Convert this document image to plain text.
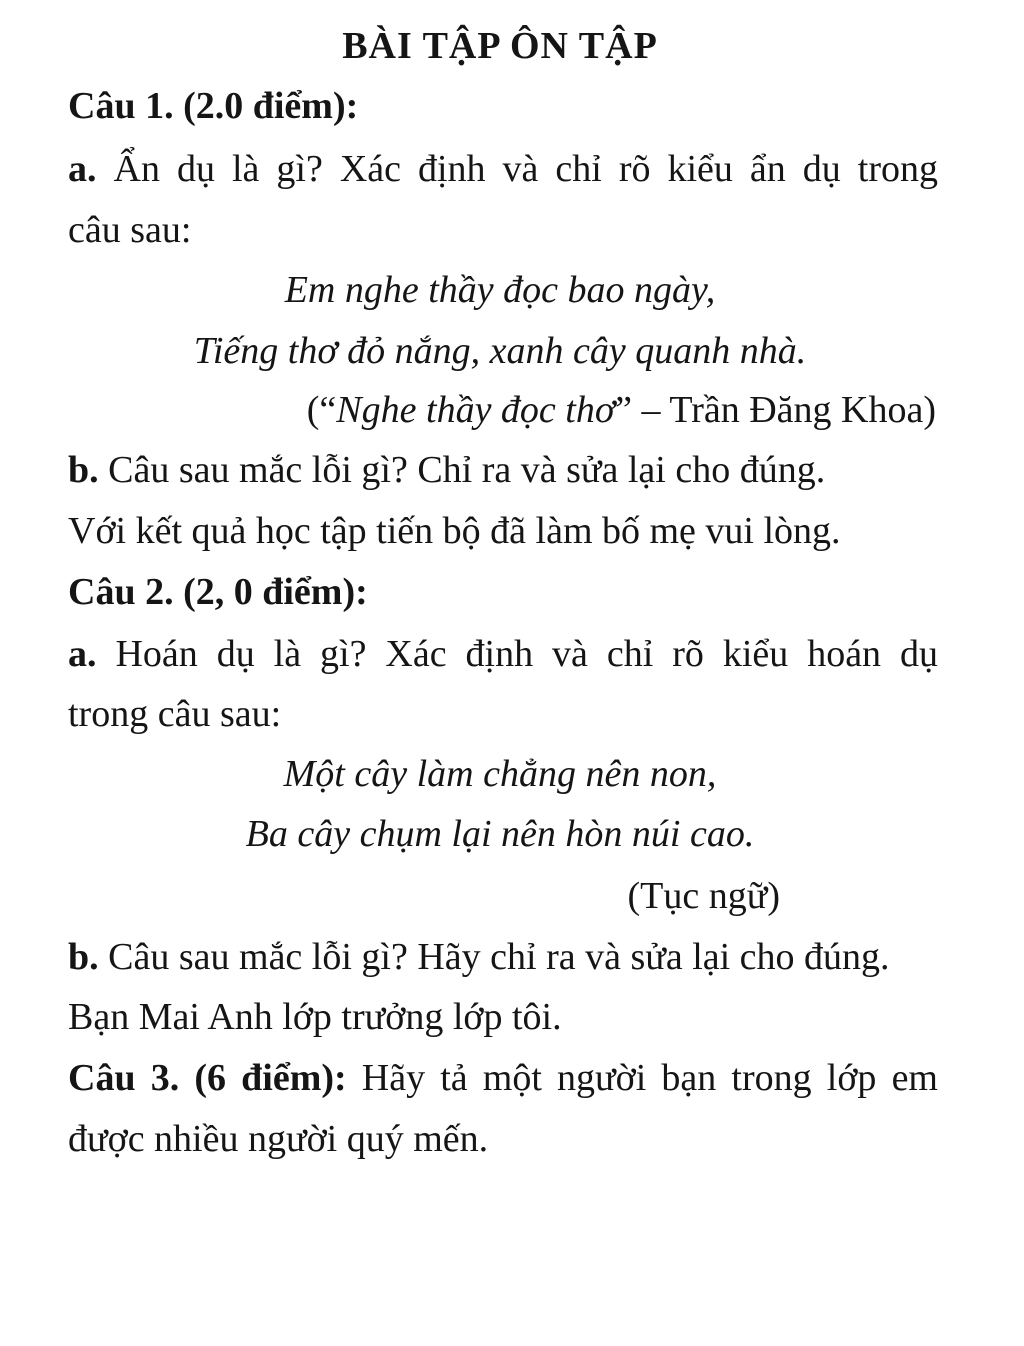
BÀI TẬP ÔN TẬP
Câu 1. (2.0 điểm):
a. Ẩn dụ là gì? Xác định và chỉ rõ kiểu ẩn dụ trong
câu sau:
Em nghe thầy đọc bao ngày,
Tiếng thơ đỏ nắng, xanh cây quanh nhà.
(“Nghe thầy đọc thơ” – Trần Đăng Khoa)
b. Câu sau mắc lỗi gì? Chỉ ra và sửa lại cho đúng.
Với kết quả học tập tiến bộ đã làm bố mẹ vui lòng.
Câu 2. (2, 0 điểm):
a. Hoán dụ là gì? Xác định và chỉ rõ kiểu hoán dụ
trong câu sau:
Một cây làm chẳng nên non,
Ba cây chụm lại nên hòn núi cao.
(Tục ngữ)
b. Câu sau mắc lỗi gì? Hãy chỉ ra và sửa lại cho đúng.
Bạn Mai Anh lớp trưởng lớp tôi.
Câu 3. (6 điểm): Hãy tả một người bạn trong lớp em
được nhiều người quý mến.
